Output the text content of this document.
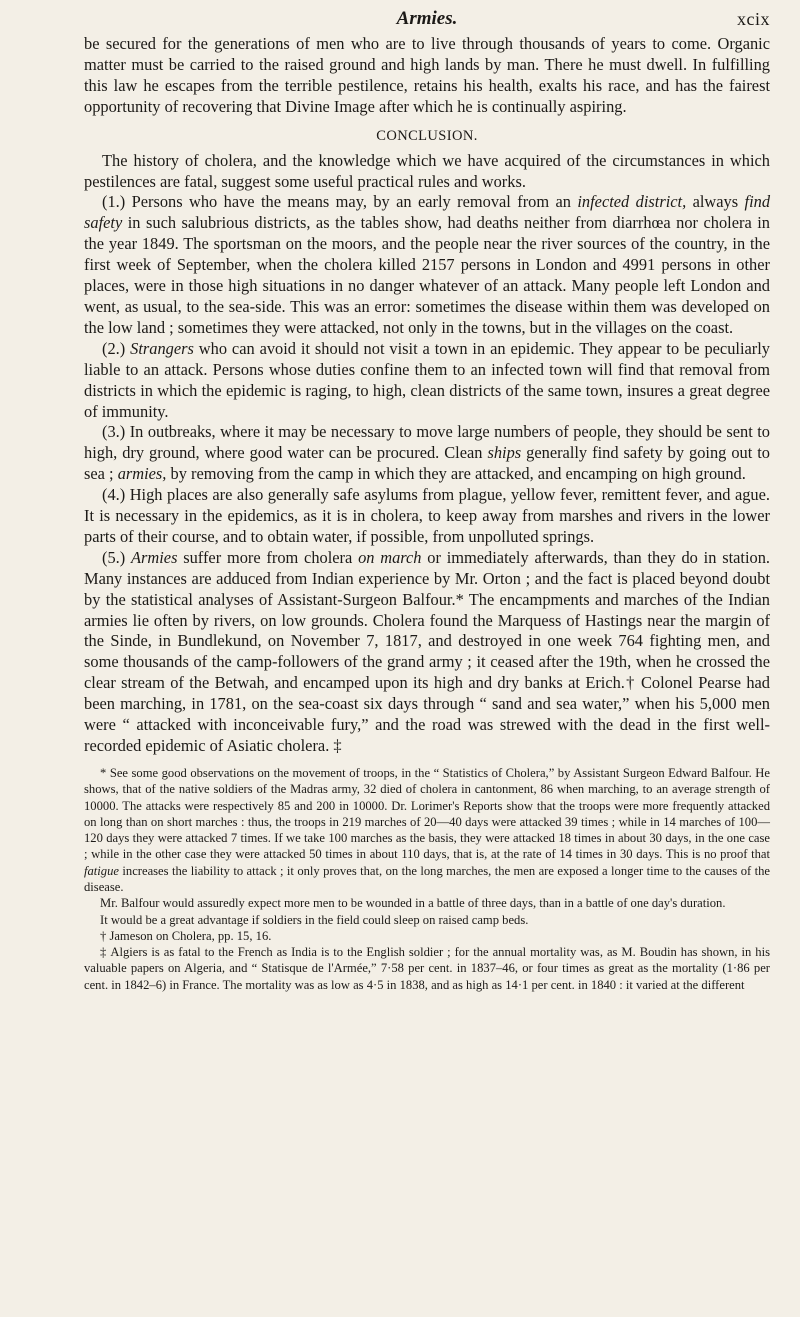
Armies.	xcix

be secured for the generations of men who are to live through thousands of years to come. Organic matter must be carried to the raised ground and high lands by man. There he must dwell. In fulfilling this law he escapes from the terrible pestilence, retains his health, exalts his race, and has the fairest opportunity of recovering that Divine Image after which he is continually aspiring.

CONCLUSION.

The history of cholera, and the knowledge which we have acquired of the circumstances in which pestilences are fatal, suggest some useful practical rules and works.

(1.) Persons who have the means may, by an early removal from an infected district, always find safety in such salubrious districts, as the tables show, had deaths neither from diarrhœa nor cholera in the year 1849. The sportsman on the moors, and the people near the river sources of the country, in the first week of September, when the cholera killed 2157 persons in London and 4991 persons in other places, were in those high situations in no danger whatever of an attack. Many people left London and went, as usual, to the sea-side. This was an error: sometimes the disease within them was developed on the low land ; sometimes they were attacked, not only in the towns, but in the villages on the coast.

(2.) Strangers who can avoid it should not visit a town in an epidemic. They appear to be peculiarly liable to an attack. Persons whose duties confine them to an infected town will find that removal from districts in which the epidemic is raging, to high, clean districts of the same town, insures a great degree of immunity.

(3.) In outbreaks, where it may be necessary to move large numbers of people, they should be sent to high, dry ground, where good water can be procured. Clean ships generally find safety by going out to sea ; armies, by removing from the camp in which they are attacked, and encamping on high ground.

(4.) High places are also generally safe asylums from plague, yellow fever, remittent fever, and ague. It is necessary in the epidemics, as it is in cholera, to keep away from marshes and rivers in the lower parts of their course, and to obtain water, if possible, from unpolluted springs.

(5.) Armies suffer more from cholera on march or immediately afterwards, than they do in station. Many instances are adduced from Indian experience by Mr. Orton ; and the fact is placed beyond doubt by the statistical analyses of Assistant-Surgeon Balfour.* The encampments and marches of the Indian armies lie often by rivers, on low grounds. Cholera found the Marquess of Hastings near the margin of the Sinde, in Bundlekund, on November 7, 1817, and destroyed in one week 764 fighting men, and some thousands of the camp-followers of the grand army ; it ceased after the 19th, when he crossed the clear stream of the Betwah, and encamped upon its high and dry banks at Erich.† Colonel Pearse had been marching, in 1781, on the sea-coast six days through “ sand and sea water,” when his 5,000 men were “ attacked with inconceivable fury,” and the road was strewed with the dead in the first well-recorded epidemic of Asiatic cholera. ‡

* See some good observations on the movement of troops, in the “ Statistics of Cholera,” by Assistant Surgeon Edward Balfour. He shows, that of the native soldiers of the Madras army, 32 died of cholera in cantonment, 86 when marching, to an average strength of 10000. The attacks were respectively 85 and 200 in 10000. Dr. Lorimer's Reports show that the troops were more frequently attacked on long than on short marches : thus, the troops in 219 marches of 20—40 days were attacked 39 times ; while in 14 marches of 100—120 days they were attacked 7 times. If we take 100 marches as the basis, they were attacked 18 times in about 30 days, in the one case ; while in the other case they were attacked 50 times in about 110 days, that is, at the rate of 14 times in 30 days. This is no proof that fatigue increases the liability to attack ; it only proves that, on the long marches, the men are exposed a longer time to the causes of the disease.

Mr. Balfour would assuredly expect more men to be wounded in a battle of three days, than in a battle of one day's duration.

It would be a great advantage if soldiers in the field could sleep on raised camp beds.

† Jameson on Cholera, pp. 15, 16.

‡ Algiers is as fatal to the French as India is to the English soldier ; for the annual mortality was, as M. Boudin has shown, in his valuable papers on Algeria, and “ Statisque de l'Armée,” 7·58 per cent. in 1837–46, or four times as great as the mortality (1·86 per cent. in 1842–6) in France. The mortality was as low as 4·5 in 1838, and as high as 14·1 per cent. in 1840 : it varied at the different
